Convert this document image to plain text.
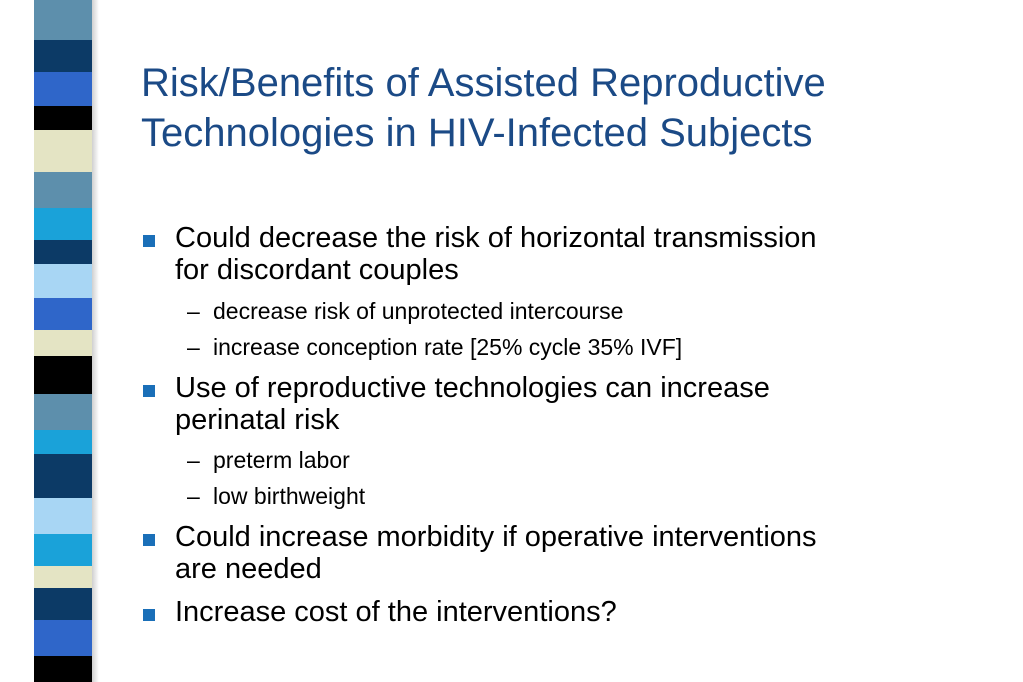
Risk/Benefits of Assisted Reproductive
Technologies in HIV-Infected Subjects
Could decrease the risk of horizontal transmission
for discordant couples
– decrease risk of unprotected intercourse
– increase conception rate [25% cycle 35% IVF]
Use of reproductive technologies can increase
perinatal risk
– preterm labor
– low birthweight
Could increase morbidity if operative interventions
are needed
Increase cost of the interventions?
